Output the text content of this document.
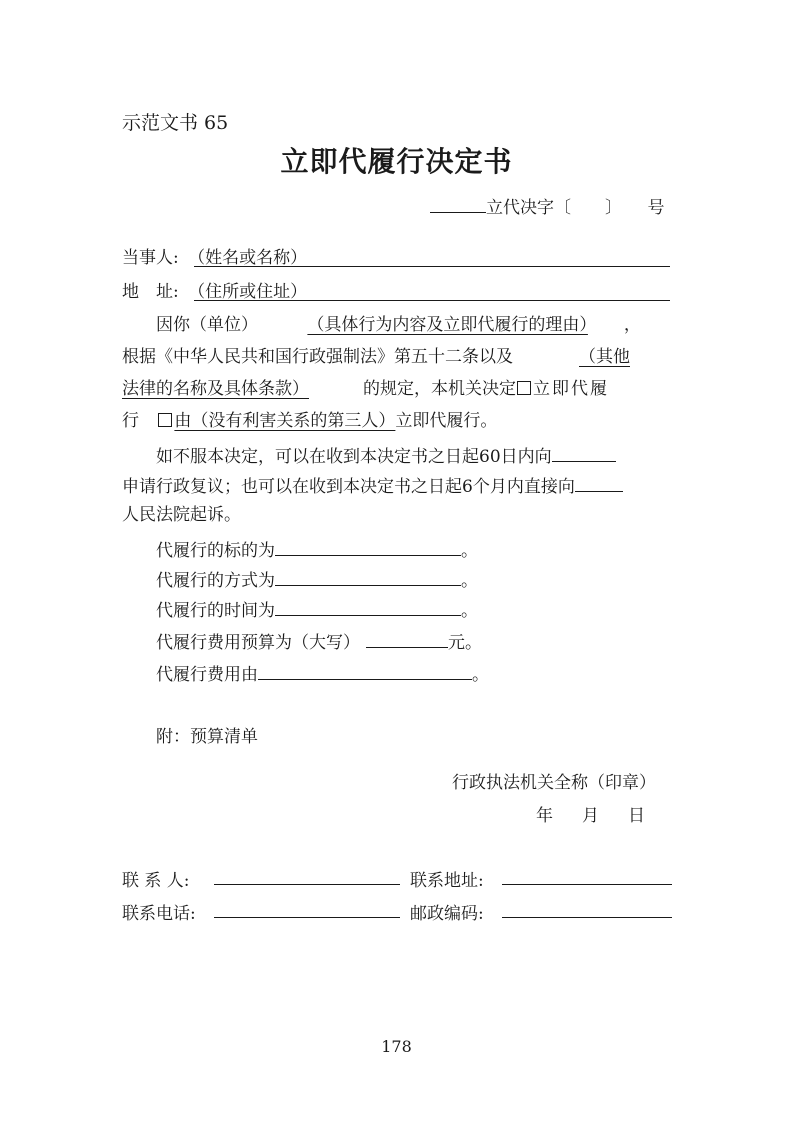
示范文书 65
立即代履行决定书
立代决字〔　　〕　　号
当事人: （姓名或名称）
地　址: （住所或住址）
因你（单位）	（具体行为内容及立即代履行的理由） ，
根据《中华人民共和国行政强制法》第五十二条以及	（其他
法律的名称及具体条款）	的规定，本机关决定 立即代履
行 由（没有利害关系的第三人）立即代履行。
如不服本决定，可以在收到本决定书之日起60日内向
申请行政复议；也可以在收到本决定书之日起6个月内直接向
人民法院起诉。
代履行的标的为	。
代履行的方式为	。
代履行的时间为	。
代履行费用预算为（大写）	元。
代履行费用由	。
附：预算清单
行政执法机关全称（印章）
年　月　日
联 系 人:	联系地址:
联系电话:	邮政编码:
178
